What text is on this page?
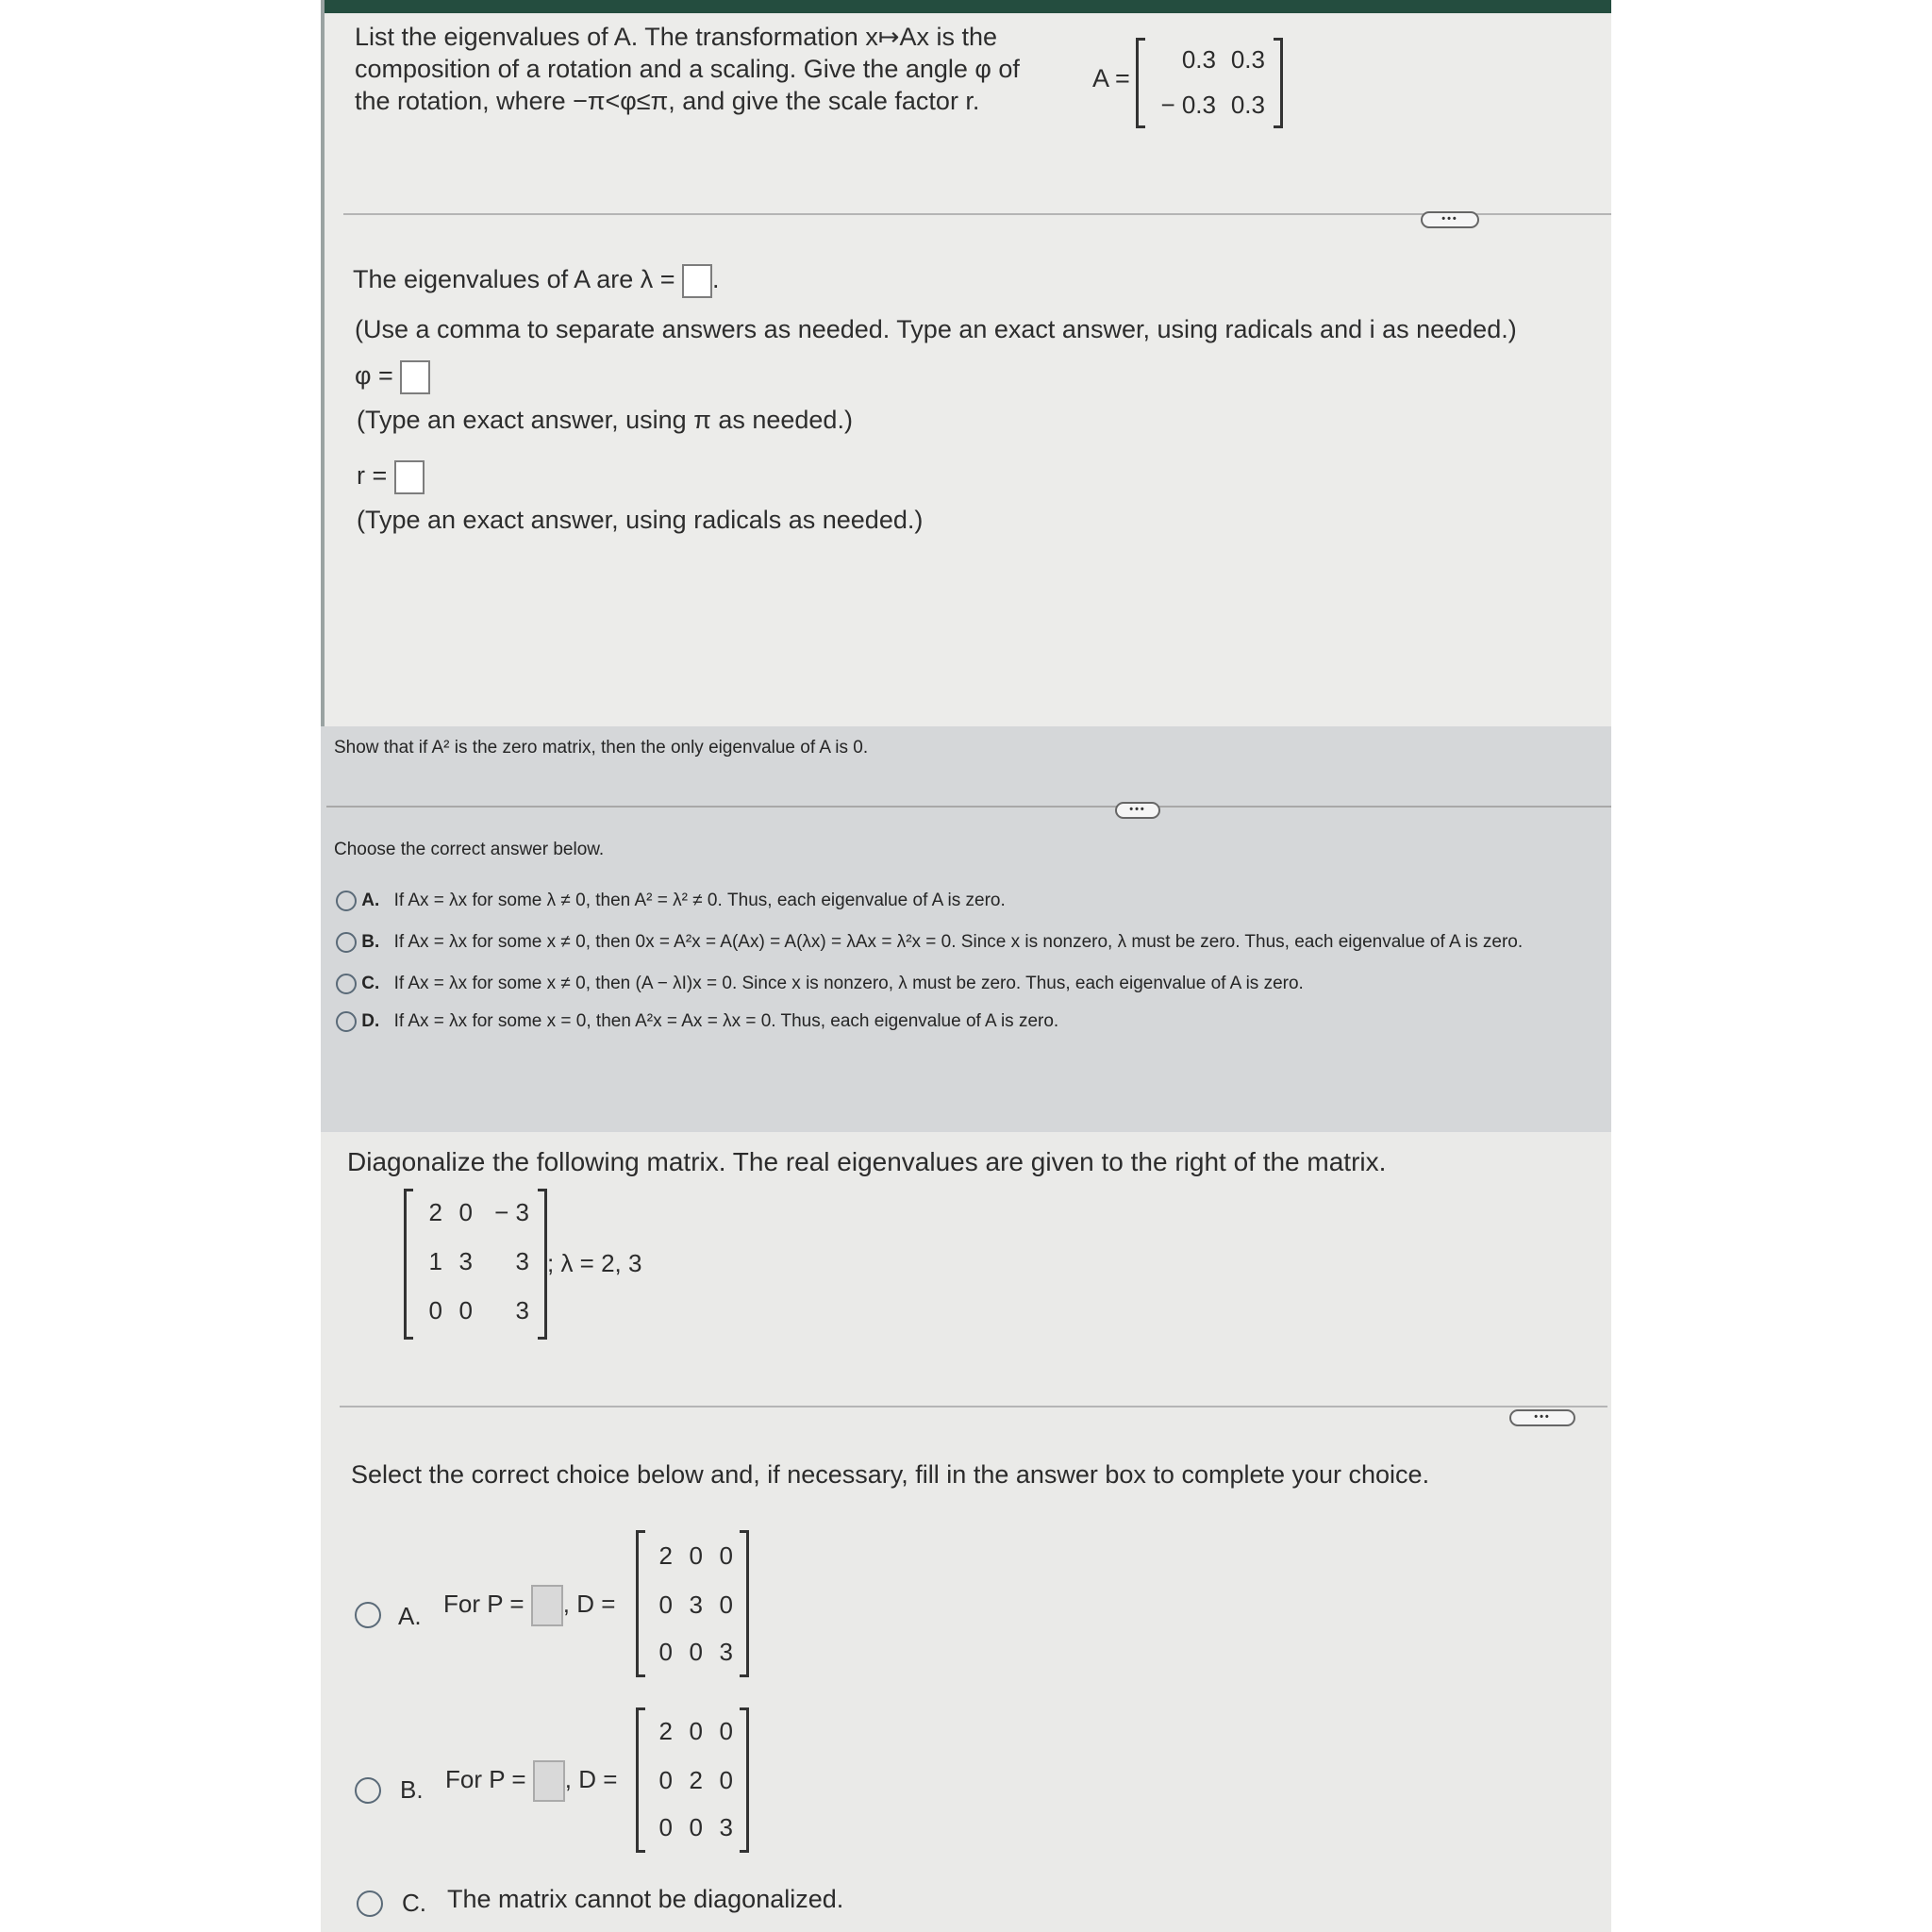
List the eigenvalues of A. The transformation x↦Ax is the
composition of a rotation and a scaling. Give the angle φ of
the rotation, where −π<φ≤π, and give the scale factor r.
A =
0.3 0.3
− 0.3 0.3
•••
The eigenvalues of A are λ = .
(Use a comma to separate answers as needed. Type an exact answer, using radicals and i as needed.)
φ =
(Type an exact answer, using π as needed.)
r =
(Type an exact answer, using radicals as needed.)
Show that if A² is the zero matrix, then the only eigenvalue of A is 0.
•••
Choose the correct answer below.
A. If Ax = λx for some λ ≠ 0, then A² = λ² ≠ 0. Thus, each eigenvalue of A is zero.
B. If Ax = λx for some x ≠ 0, then 0x = A²x = A(Ax) = A(λx) = λAx = λ²x = 0. Since x is nonzero, λ must be zero. Thus, each eigenvalue of A is zero.
C. If Ax = λx for some x ≠ 0, then (A − λI)x = 0. Since x is nonzero, λ must be zero. Thus, each eigenvalue of A is zero.
D. If Ax = λx for some x = 0, then A²x = Ax = λx = 0. Thus, each eigenvalue of A is zero.
Diagonalize the following matrix. The real eigenvalues are given to the right of the matrix.
2 0 − 3
1 3	3
0 0	3
; λ = 2, 3
•••
Select the correct choice below and, if necessary, fill in the answer box to complete your choice.
A. For P = , D =
2 0 0
0 3 0
0 0 3
B. For P = , D =
2 0 0
0 2 0
0 0 3
C. The matrix cannot be diagonalized.
